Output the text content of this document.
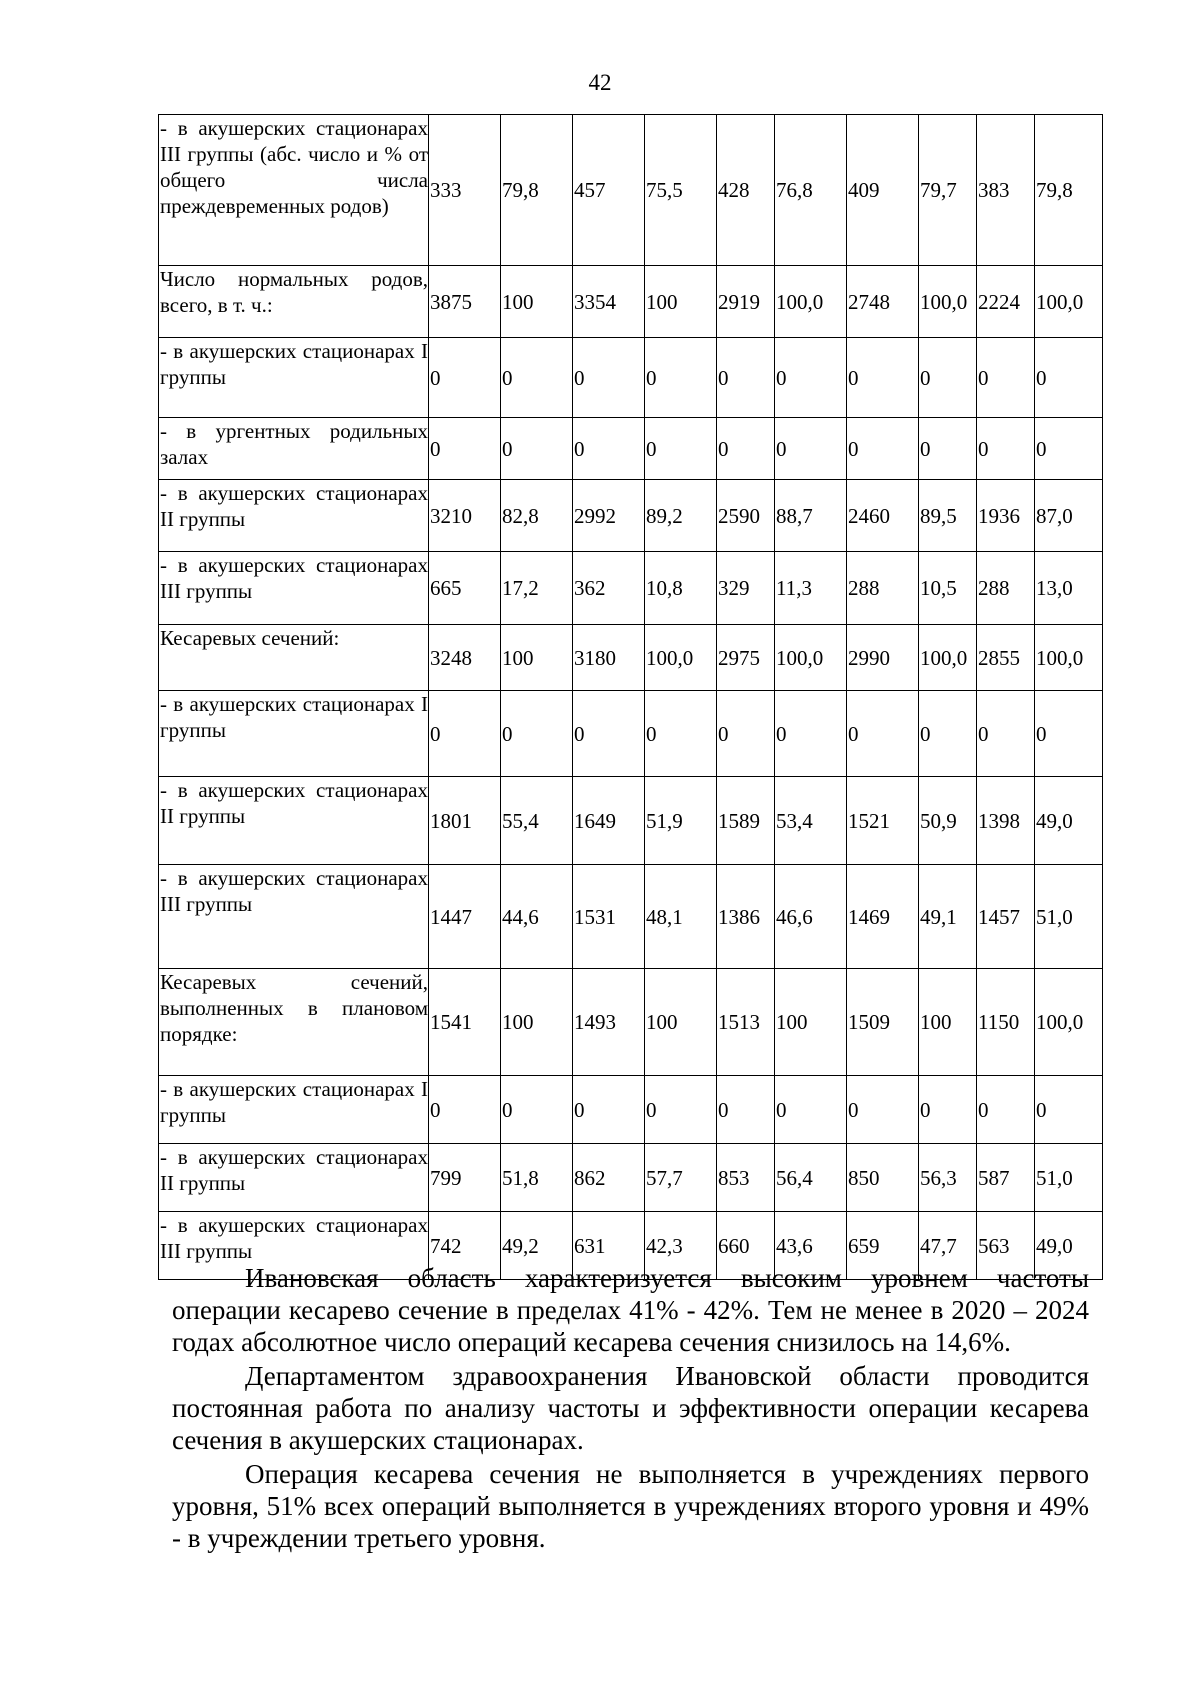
42
- в акушерских стационарах III группы (абс. число и % от общего числа преждевременных родов)	333	79,8	457	75,5	428	76,8	409	79,7	383	79,8
Число нормальных родов, всего, в т. ч.:	3875	100	3354	100	2919	100,0	2748	100,0	2224	100,0
- в акушерских стационарах I группы	0	0	0	0	0	0	0	0	0	0
- в ургентных родильных залах	0	0	0	0	0	0	0	0	0	0
- в акушерских стационарах II группы	3210	82,8	2992	89,2	2590	88,7	2460	89,5	1936	87,0
- в акушерских стационарах III группы	665	17,2	362	10,8	329	11,3	288	10,5	288	13,0
Кесаревых сечений:	3248	100	3180	100,0	2975	100,0	2990	100,0	2855	100,0
- в акушерских стационарах I группы	0	0	0	0	0	0	0	0	0	0
- в акушерских стационарах II группы	1801	55,4	1649	51,9	1589	53,4	1521	50,9	1398	49,0
- в акушерских стационарах III группы	1447	44,6	1531	48,1	1386	46,6	1469	49,1	1457	51,0
Кесаревых сечений, выполненных в плановом порядке:	1541	100	1493	100	1513	100	1509	100	1150	100,0
- в акушерских стационарах I группы	0	0	0	0	0	0	0	0	0	0
- в акушерских стационарах II группы	799	51,8	862	57,7	853	56,4	850	56,3	587	51,0
- в акушерских стационарах III группы	742	49,2	631	42,3	660	43,6	659	47,7	563	49,0

Ивановская область характеризуется высоким уровнем частоты операции кесарево сечение в пределах 41% - 42%. Тем не менее в 2020 – 2024 годах абсолютное число операций кесарева сечения снизилось на 14,6%.

Департаментом здравоохранения Ивановской области проводится постоянная работа по анализу частоты и эффективности операции кесарева сечения в акушерских стационарах.

Операция кесарева сечения не выполняется в учреждениях первого уровня, 51% всех операций выполняется в учреждениях второго уровня и 49% - в учреждении третьего уровня.
